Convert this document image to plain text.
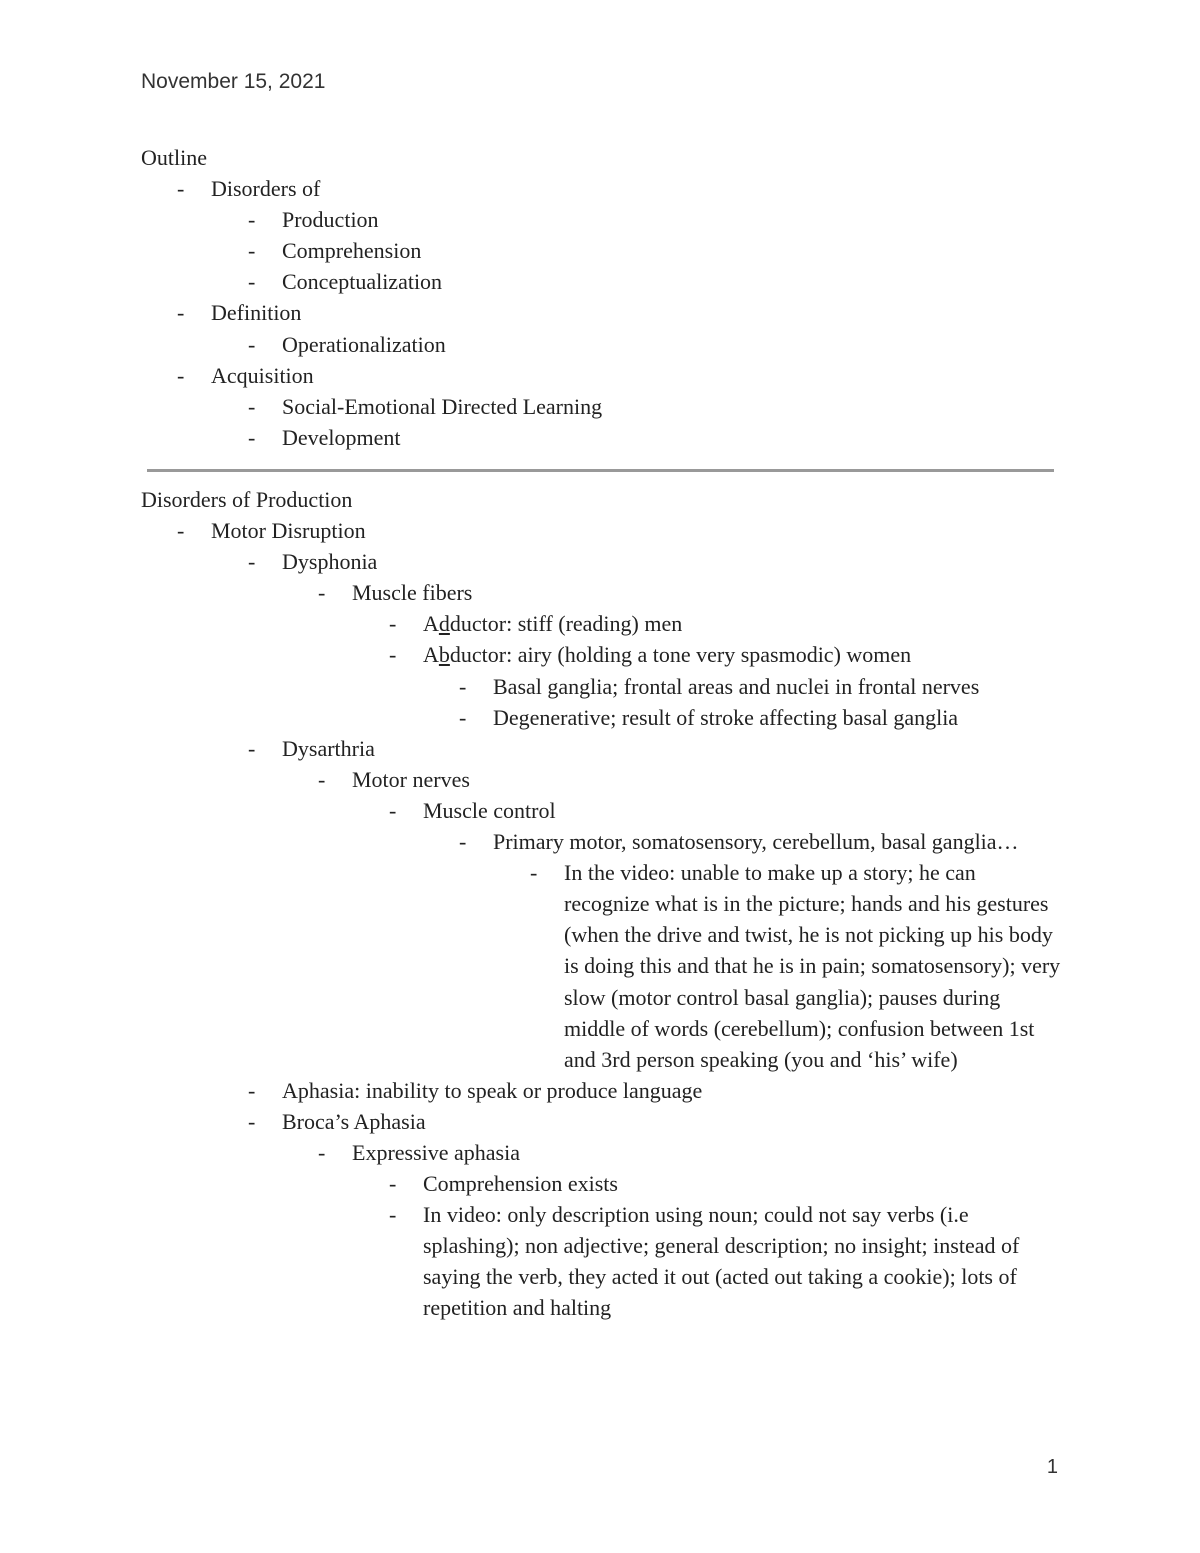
November 15, 2021
Outline
- Disorders of
- Production
- Comprehension
- Conceptualization
- Definition
- Operationalization
- Acquisition
- Social-Emotional Directed Learning
- Development
Disorders of Production
- Motor Disruption
- Dysphonia
- Muscle fibers
- Adductor: stiff (reading) men
- Abductor: airy (holding a tone very spasmodic) women
- Basal ganglia; frontal areas and nuclei in frontal nerves
- Degenerative; result of stroke affecting basal ganglia
- Dysarthria
- Motor nerves
- Muscle control
- Primary motor, somatosensory, cerebellum, basal ganglia…
- In the video: unable to make up a story; he can recognize what is in the picture; hands and his gestures (when the drive and twist, he is not picking up his body is doing this and that he is in pain; somatosensory); very slow (motor control basal ganglia); pauses during middle of words (cerebellum); confusion between 1st and 3rd person speaking (you and ‘his’ wife)
- Aphasia: inability to speak or produce language
- Broca’s Aphasia
- Expressive aphasia
- Comprehension exists
- In video: only description using noun; could not say verbs (i.e splashing); non adjective; general description; no insight; instead of saying the verb, they acted it out (acted out taking a cookie); lots of repetition and halting
1
